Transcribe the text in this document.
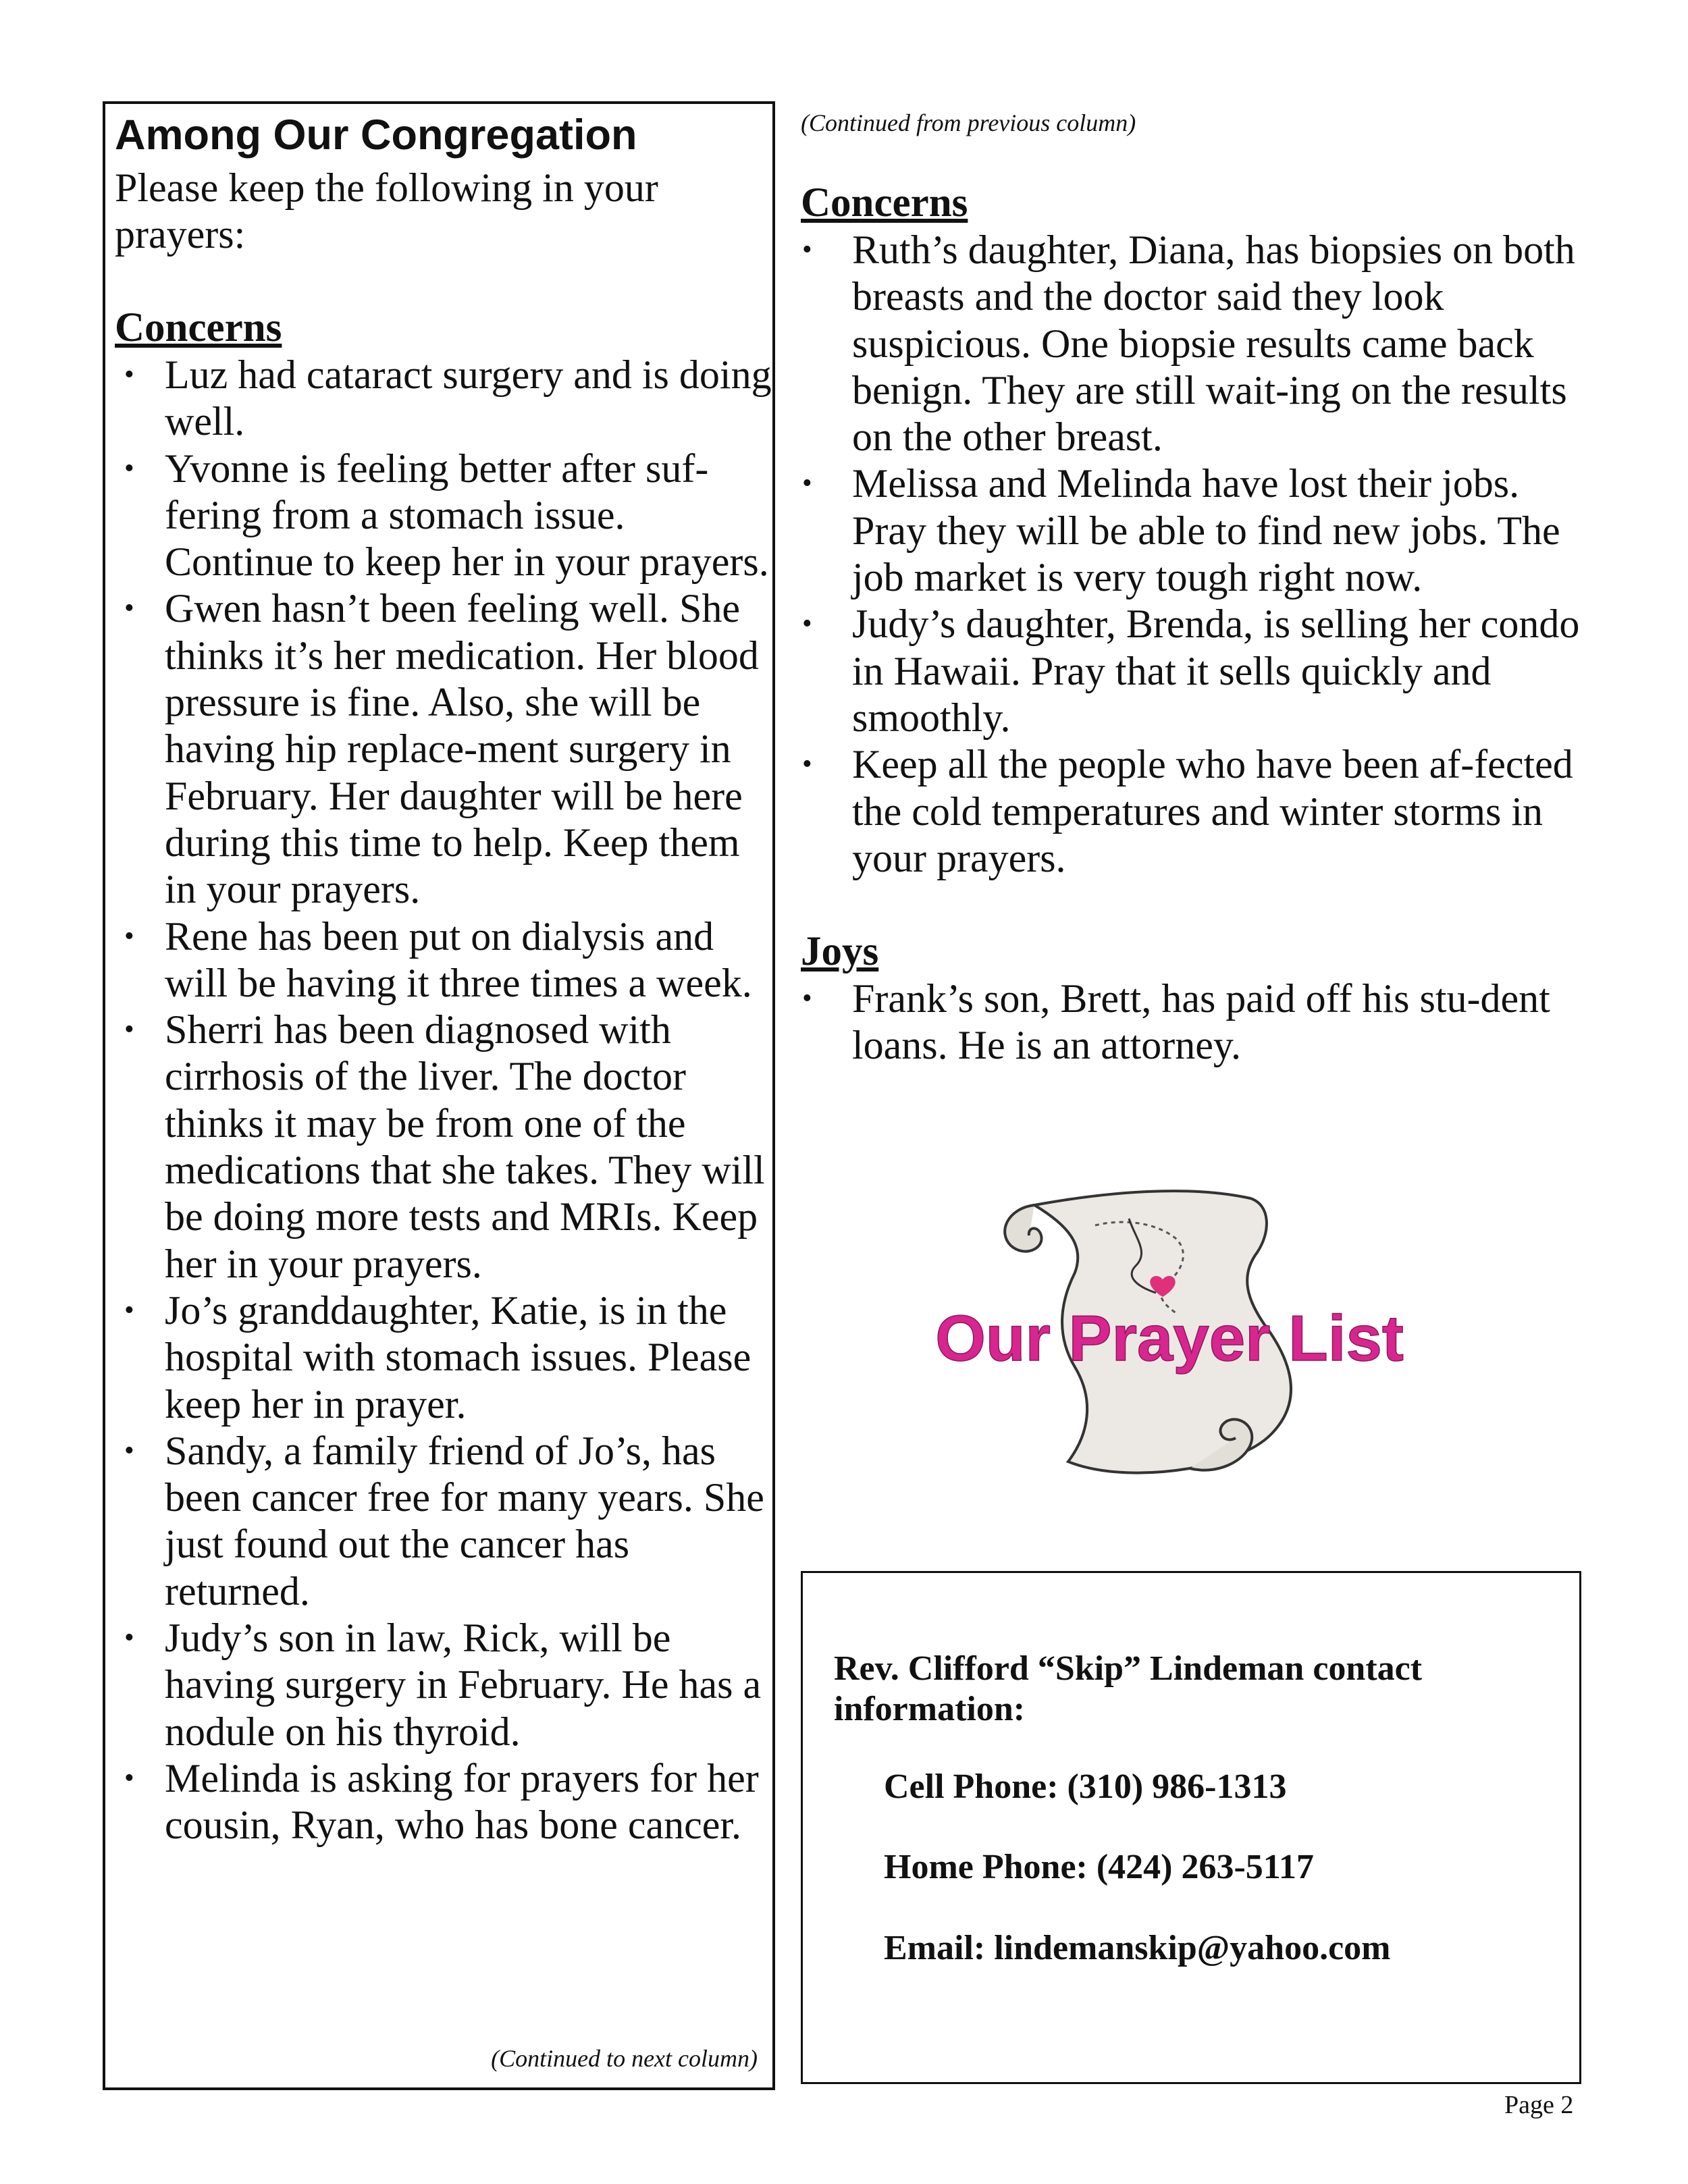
Among Our Congregation

Please keep the following in your prayers:

Concerns
• Luz had cataract surgery and is doing well.
• Yvonne is feeling better after suf-fering from a stomach issue. Continue to keep her in your prayers.
• Gwen hasn’t been feeling well. She thinks it’s her medication. Her blood pressure is fine. Also, she will be having hip replace-ment surgery in February. Her daughter will be here during this time to help. Keep them in your prayers.
• Rene has been put on dialysis and will be having it three times a week.
• Sherri has been diagnosed with cirrhosis of the liver. The doctor thinks it may be from one of the medications that she takes. They will be doing more tests and MRIs. Keep her in your prayers.
• Jo’s granddaughter, Katie, is in the hospital with stomach issues. Please keep her in prayer.
• Sandy, a family friend of Jo’s, has been cancer free for many years. She just found out the cancer has returned.
• Judy’s son in law, Rick, will be having surgery in February. He has a nodule on his thyroid.
• Melinda is asking for prayers for her cousin, Ryan, who has bone cancer.
(Continued to next column)

(Continued from previous column)

Concerns
• Ruth’s daughter, Diana, has biopsies on both breasts and the doctor said they look suspicious. One biopsie results came back benign. They are still wait-ing on the results on the other breast.
• Melissa and Melinda have lost their jobs. Pray they will be able to find new jobs. The job market is very tough right now.
• Judy’s daughter, Brenda, is selling her condo in Hawaii. Pray that it sells quickly and smoothly.
• Keep all the people who have been af-fected the cold temperatures and winter storms in your prayers.
Joys
• Frank’s son, Brett, has paid off his stu-dent loans. He is an attorney.
Our Prayer List

Rev. Clifford “Skip” Lindeman contact information:

Cell Phone: (310) 986-1313

Home Phone: (424) 263-5117

Email: lindemanskip@yahoo.com

Page 2
